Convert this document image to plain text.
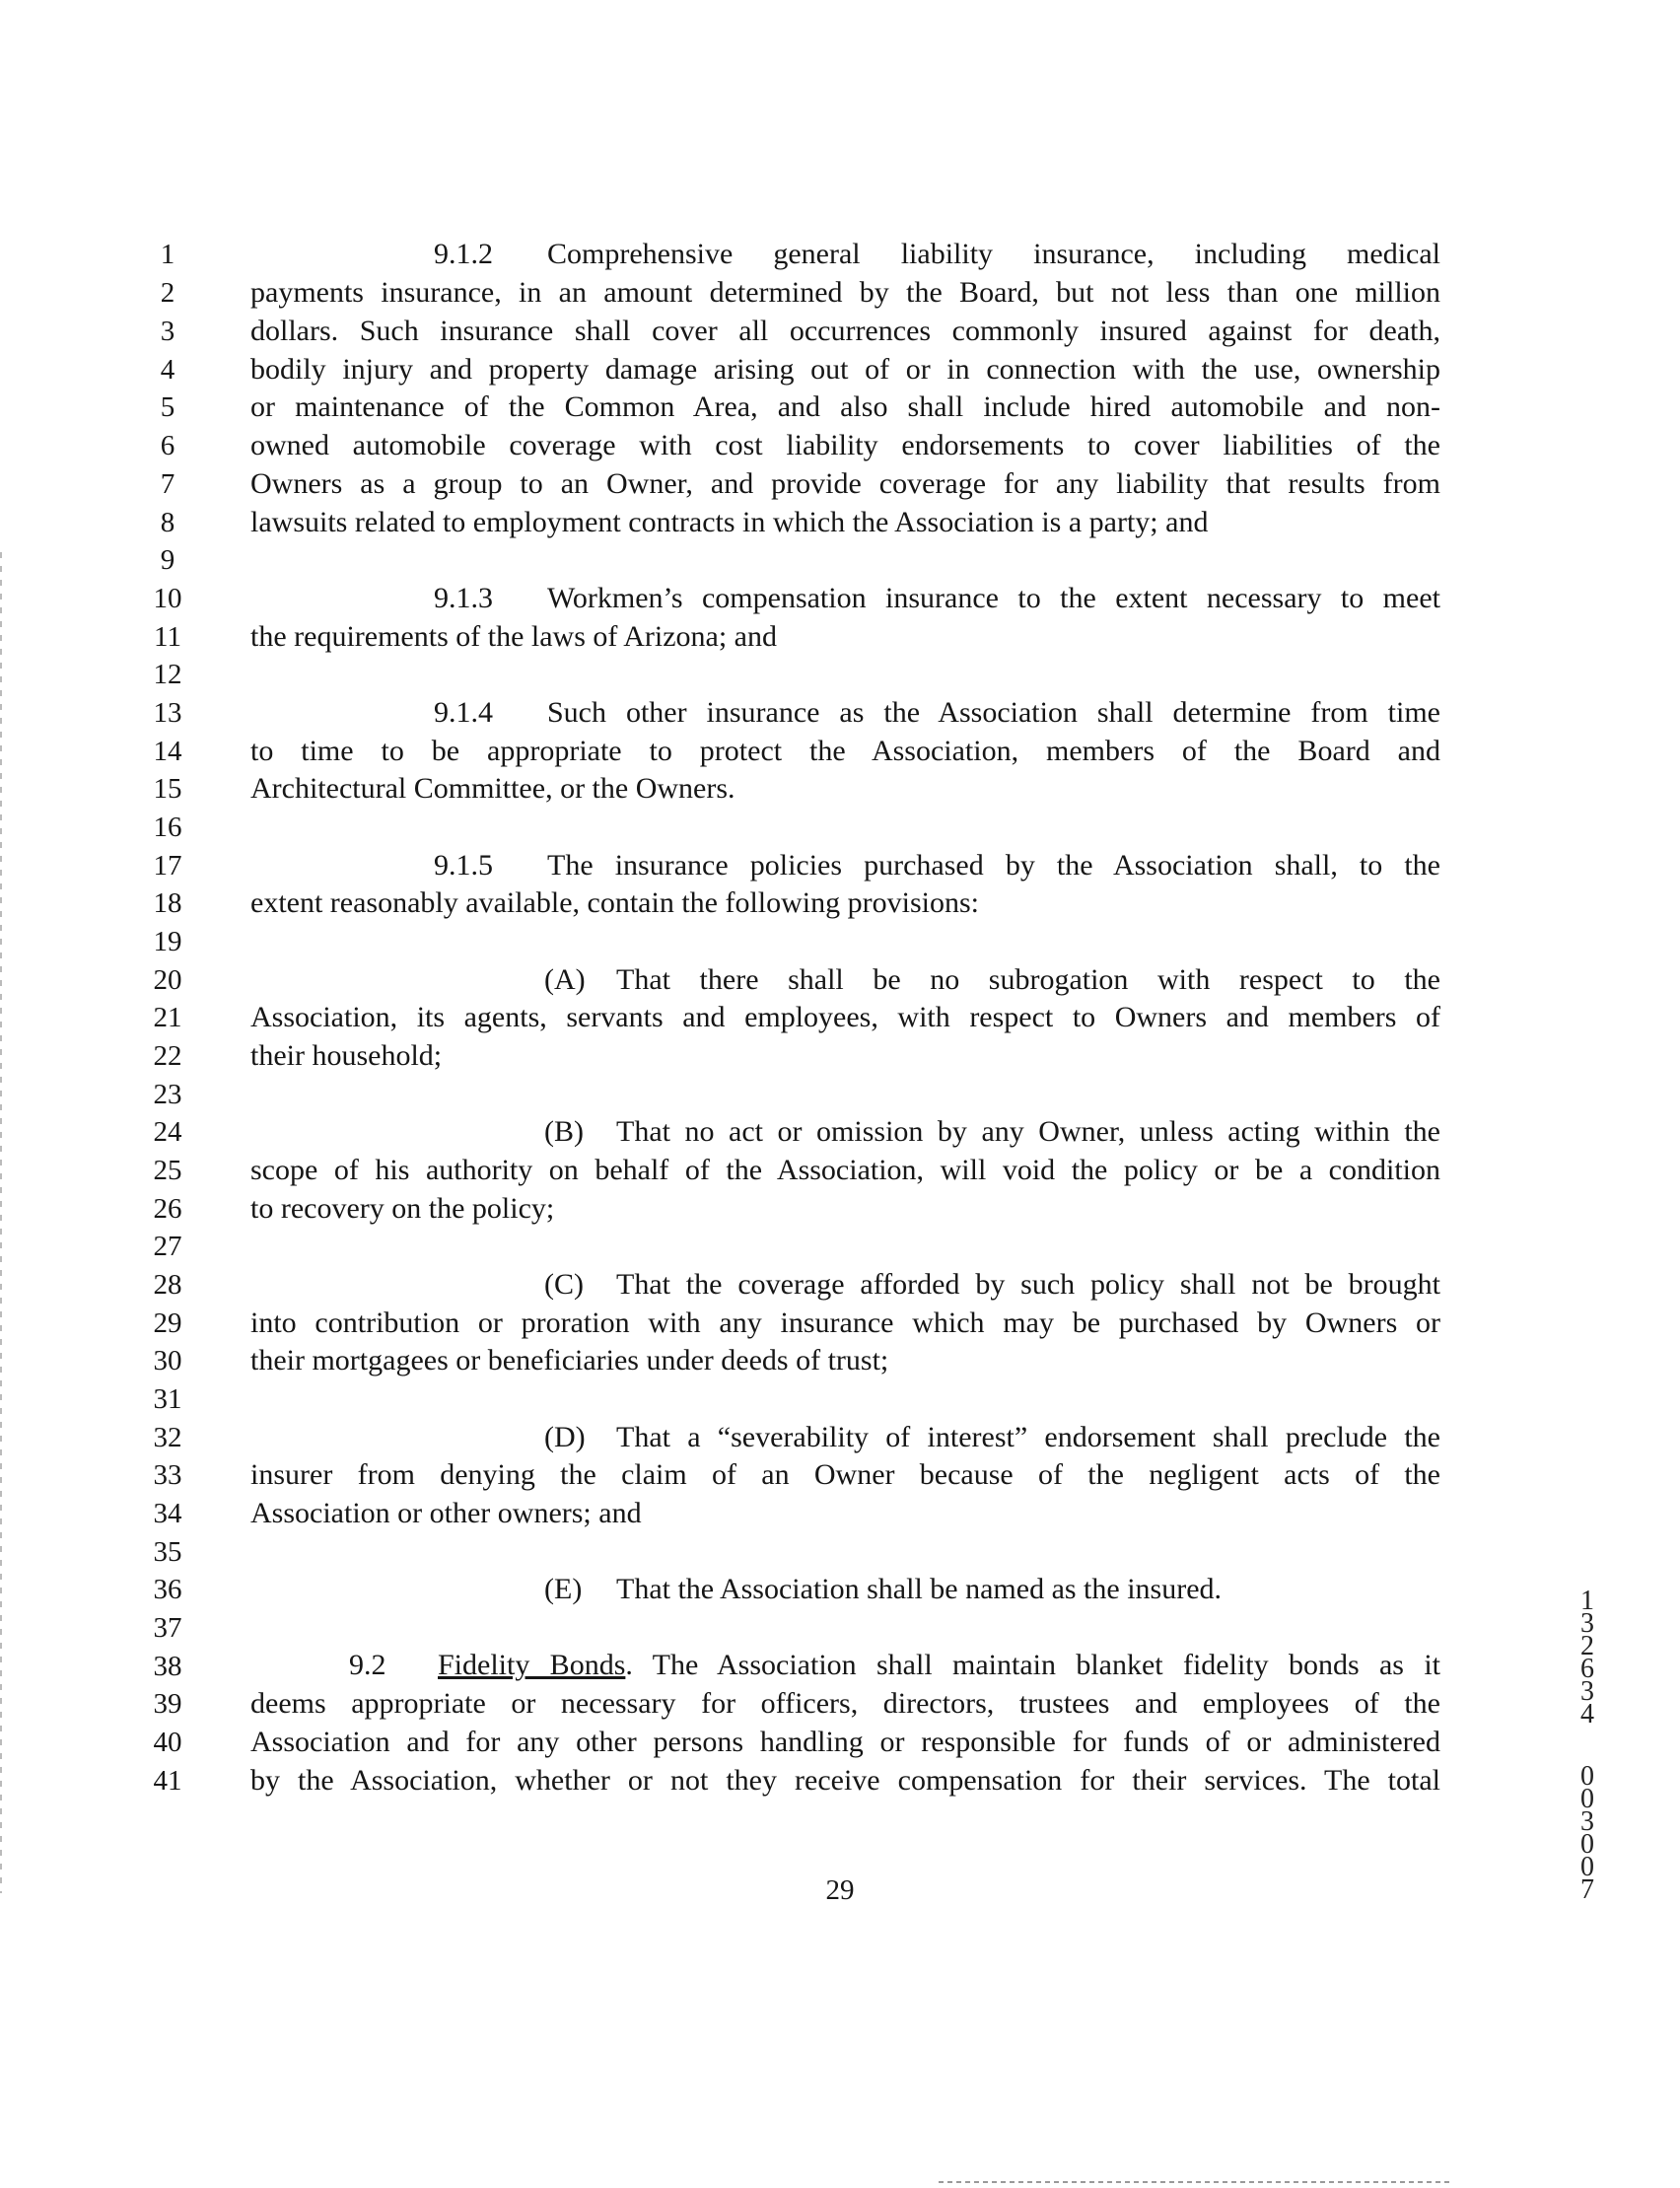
1
2
3
4
5
6
7
8
9
10
11
12
13
14
15
16
17
18
19
20
21
22
23
24
25
26
27
28
29
30
31
32
33
34
35
36
37
38
39
40
41
9.1.2 Comprehensive general liability insurance, including medical
payments insurance, in an amount determined by the Board, but not less than one million
dollars. Such insurance shall cover all occurrences commonly insured against for death,
bodily injury and property damage arising out of or in connection with the use, ownership
or maintenance of the Common Area, and also shall include hired automobile and non-
owned automobile coverage with cost liability endorsements to cover liabilities of the
Owners as a group to an Owner, and provide coverage for any liability that results from
lawsuits related to employment contracts in which the Association is a party; and
9.1.3 Workmen’s compensation insurance to the extent necessary to meet
the requirements of the laws of Arizona; and
9.1.4 Such other insurance as the Association shall determine from time
to time to be appropriate to protect the Association, members of the Board and
Architectural Committee, or the Owners.
9.1.5 The insurance policies purchased by the Association shall, to the
extent reasonably available, contain the following provisions:
(A) That there shall be no subrogation with respect to the
Association, its agents, servants and employees, with respect to Owners and members of
their household;
(B) That no act or omission by any Owner, unless acting within the
scope of his authority on behalf of the Association, will void the policy or be a condition
to recovery on the policy;
(C) That the coverage afforded by such policy shall not be brought
into contribution or proration with any insurance which may be purchased by Owners or
their mortgagees or beneficiaries under deeds of trust;
(D) That a “severability of interest” endorsement shall preclude the
insurer from denying the claim of an Owner because of the negligent acts of the
Association or other owners; and
(E) That the Association shall be named as the insured.
9.2 Fidelity Bonds. The Association shall maintain blanket fidelity bonds as it
deems appropriate or necessary for officers, directors, trustees and employees of the
Association and for any other persons handling or responsible for funds of or administered
by the Association, whether or not they receive compensation for their services. The total
29
1
3
2
6
3
4
0
0
3
0
0
7
